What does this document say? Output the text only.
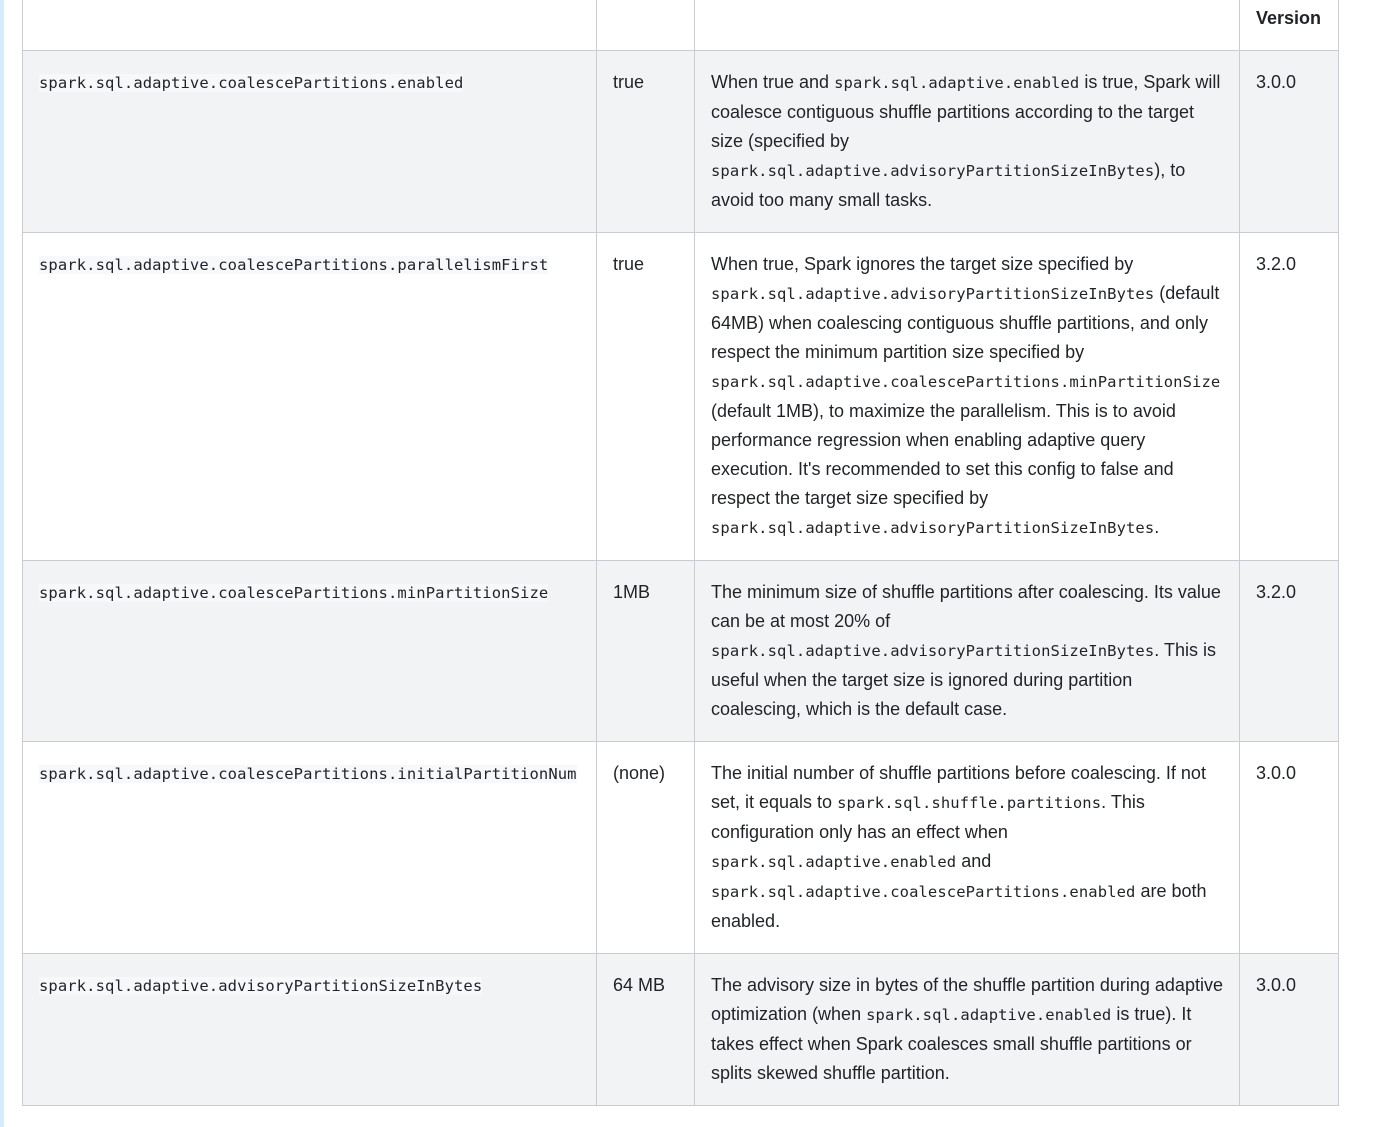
			Version
spark.sql.adaptive.coalescePartitions.enabled	true	When true and spark.sql.adaptive.enabled is true, Spark will coalesce contiguous shuffle partitions according to the target size (specified by spark.sql.adaptive.advisoryPartitionSizeInBytes), to avoid too many small tasks.	3.0.0
spark.sql.adaptive.coalescePartitions.parallelismFirst	true	When true, Spark ignores the target size specified by spark.sql.adaptive.advisoryPartitionSizeInBytes (default 64MB) when coalescing contiguous shuffle partitions, and only respect the minimum partition size specified by spark.sql.adaptive.coalescePartitions.minPartitionSize (default 1MB), to maximize the parallelism. This is to avoid performance regression when enabling adaptive query execution. It's recommended to set this config to false and respect the target size specified by spark.sql.adaptive.advisoryPartitionSizeInBytes.	3.2.0
spark.sql.adaptive.coalescePartitions.minPartitionSize	1MB	The minimum size of shuffle partitions after coalescing. Its value can be at most 20% of spark.sql.adaptive.advisoryPartitionSizeInBytes. This is useful when the target size is ignored during partition coalescing, which is the default case.	3.2.0
spark.sql.adaptive.coalescePartitions.initialPartitionNum	(none)	The initial number of shuffle partitions before coalescing. If not set, it equals to spark.sql.shuffle.partitions. This configuration only has an effect when spark.sql.adaptive.enabled and spark.sql.adaptive.coalescePartitions.enabled are both enabled.	3.0.0
spark.sql.adaptive.advisoryPartitionSizeInBytes	64 MB	The advisory size in bytes of the shuffle partition during adaptive optimization (when spark.sql.adaptive.enabled is true). It takes effect when Spark coalesces small shuffle partitions or splits skewed shuffle partition.	3.0.0
